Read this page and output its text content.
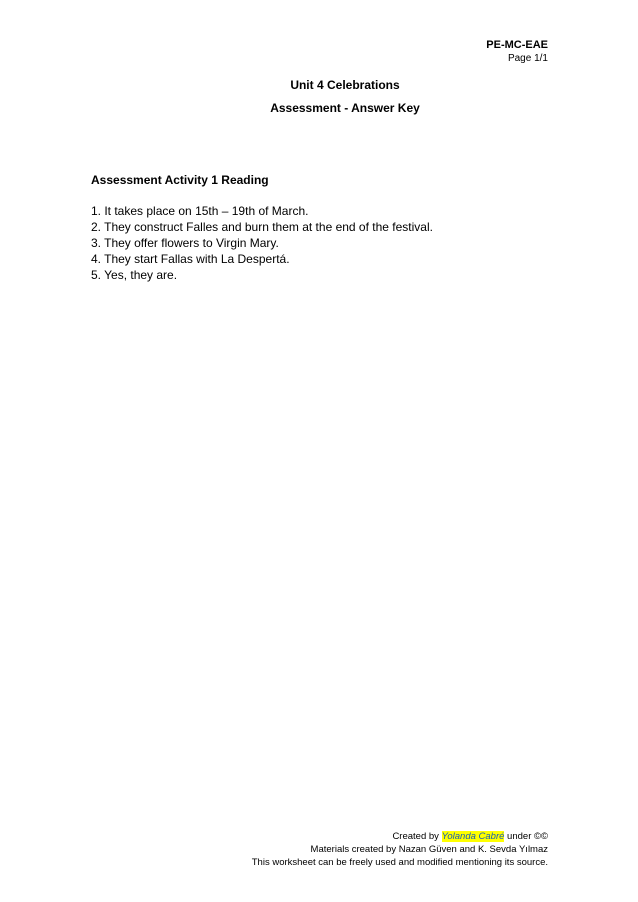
PE-MC-EAE
Page 1/1
Unit 4 Celebrations
Assessment - Answer Key
Assessment Activity 1 Reading
1. It takes place on 15th – 19th of March.
2. They construct Falles and burn them at the end of the festival.
3. They offer flowers to Virgin Mary.
4. They start Fallas with La Despertá.
5. Yes, they are.
Created by Yolanda Cabré under ©©
Materials created by Nazan Güven and K. Sevda Yılmaz
This worksheet can be freely used and modified mentioning its source.
